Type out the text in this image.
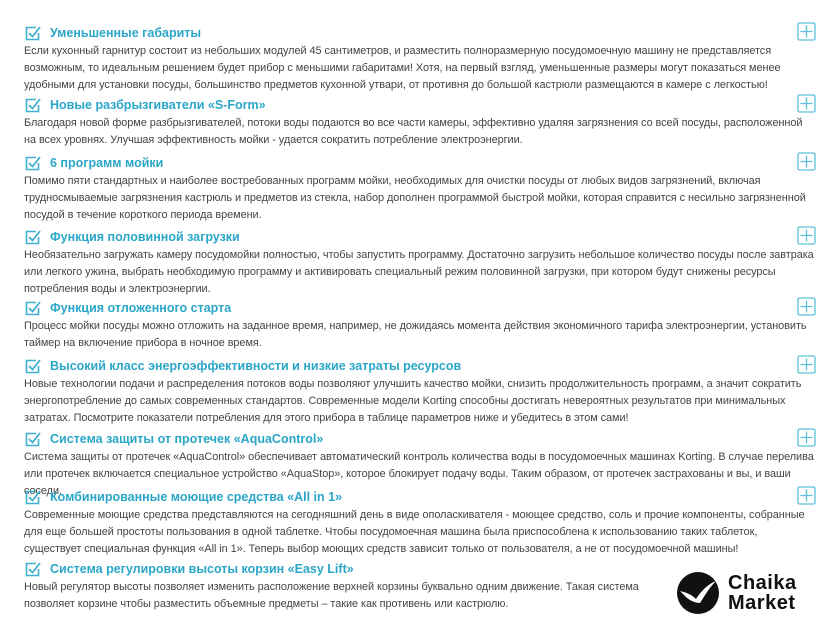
Уменьшенные габариты
Если кухонный гарнитур состоит из небольших модулей 45 сантиметров, и разместить полноразмерную посудомоечную машину не представляется возможным, то идеальным решением будет прибор с меньшими габаритами! Хотя, на первый взгляд, уменьшенные размеры могут показаться менее удобными для установки посуды, большинство предметов кухонной утвари, от противня до большой кастрюли размещаются в камере с легкостью!
Новые разбрызгиватели «S-Form»
Благодаря новой форме разбрызгивателей, потоки воды подаются во все части камеры, эффективно удаляя загрязнения со всей посуды, расположенной на всех уровнях. Улучшая эффективность мойки - удается сократить потребление электроэнергии.
6 программ мойки
Помимо пяти стандартных и наиболее востребованных программ мойки, необходимых для очистки посуды от любых видов загрязнений, включая трудносмываемые загрязнения кастрюль и предметов из стекла, набор дополнен программой быстрой мойки, которая справится с несильно загрязненной посудой в течение короткого периода времени.
Функция половинной загрузки
Необязательно загружать камеру посудомойки полностью, чтобы запустить программу. Достаточно загрузить небольшое количество посуды после завтрака или легкого ужина, выбрать необходимую программу и активировать специальный режим половинной загрузки, при котором будут снижены ресурсы потребления воды и электроэнергии.
Функция отложенного старта
Процесс мойки посуды можно отложить на заданное время, например, не дожидаясь момента действия экономичного тарифа электроэнергии, установить таймер на включение прибора в ночное время.
Высокий класс энергоэффективности и низкие затраты ресурсов
Новые технологии подачи и распределения потоков воды позволяют улучшить качество мойки, снизить продолжительность программ, а значит сократить энергопотребление до самых современных стандартов. Современные модели Korting способны достигать невероятных результатов при минимальных затратах. Посмотрите показатели потребления для этого прибора в таблице параметров ниже и убедитесь в этом сами!
Система защиты от протечек «AquaControl»
Система защиты от протечек «AquaControl» обеспечивает автоматический контроль количества воды в посудомоечных машинах Korting. В случае перелива или протечек включается специальное устройство «AquaStop», которое блокирует подачу воды. Таким образом, от протечек застрахованы и вы, и ваши соседи.
Комбинированные моющие средства «All in 1»
Современные моющие средства представляются на сегодняшний день в виде ополаскивателя - моющее средство, соль и прочие компоненты, собранные для еще большей простоты пользования в одной таблетке. Чтобы посудомоечная машина была приспособлена к использованию таких таблеток, существует специальная функция «All in 1». Теперь выбор моющих средств зависит только от пользователя, а не от посудомоечной машины!
Система регулировки высоты корзин «Easy Lift»
Новый регулятор высоты позволяет изменить расположение верхней корзины буквально одним движение. Такая система позволяет корзине чтобы разместить объемные предметы – такие как противень или кастрюлю.
Chaika
Market
